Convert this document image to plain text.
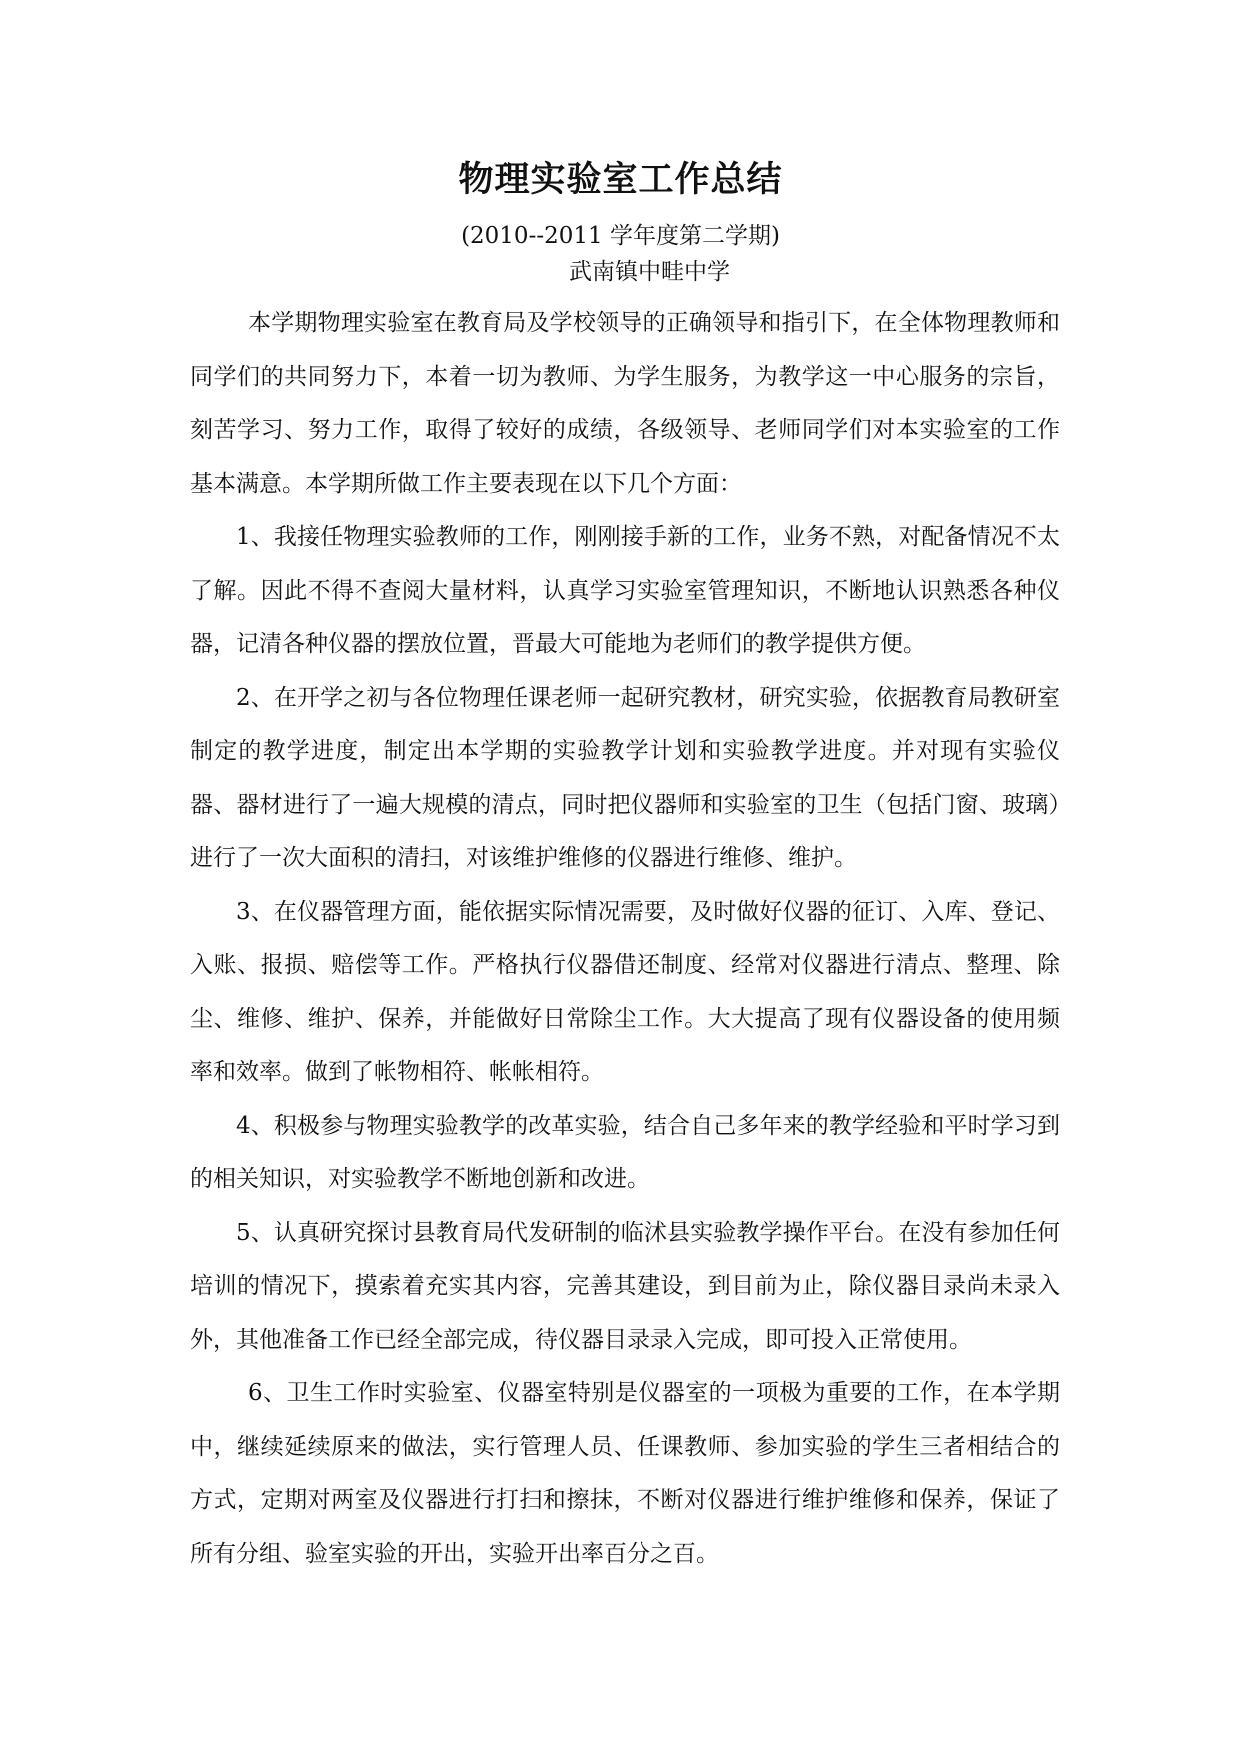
物理实验室工作总结

(2010--2011 学年度第二学期)

武南镇中畦中学

本学期物理实验室在教育局及学校领导的正确领导和指引下，在全体物理教师和同学们的共同努力下，本着一切为教师、为学生服务，为教学这一中心服务的宗旨，刻苦学习、努力工作，取得了较好的成绩，各级领导、老师同学们对本实验室的工作基本满意。本学期所做工作主要表现在以下几个方面：

1、我接任物理实验教师的工作，刚刚接手新的工作，业务不熟，对配备情况不太了解。因此不得不查阅大量材料，认真学习实验室管理知识，不断地认识熟悉各种仪器，记清各种仪器的摆放位置，晋最大可能地为老师们的教学提供方便。

2、在开学之初与各位物理任课老师一起研究教材，研究实验，依据教育局教研室制定的教学进度，制定出本学期的实验教学计划和实验教学进度。并对现有实验仪器、器材进行了一遍大规模的清点，同时把仪器师和实验室的卫生（包括门窗、玻璃）进行了一次大面积的清扫，对该维护维修的仪器进行维修、维护。

3、在仪器管理方面，能依据实际情况需要，及时做好仪器的征订、入库、登记、入账、报损、赔偿等工作。严格执行仪器借还制度、经常对仪器进行清点、整理、除尘、维修、维护、保养，并能做好日常除尘工作。大大提高了现有仪器设备的使用频率和效率。做到了帐物相符、帐帐相符。

4、积极参与物理实验教学的改革实验，结合自己多年来的教学经验和平时学习到的相关知识，对实验教学不断地创新和改进。

5、认真研究探讨县教育局代发研制的临沭县实验教学操作平台。在没有参加任何培训的情况下，摸索着充实其内容，完善其建设，到目前为止，除仪器目录尚未录入外，其他准备工作已经全部完成，待仪器目录录入完成，即可投入正常使用。

6、卫生工作时实验室、仪器室特别是仪器室的一项极为重要的工作，在本学期中，继续延续原来的做法，实行管理人员、任课教师、参加实验的学生三者相结合的方式，定期对两室及仪器进行打扫和擦抹，不断对仪器进行维护维修和保养，保证了所有分组、验室实验的开出，实验开出率百分之百。
